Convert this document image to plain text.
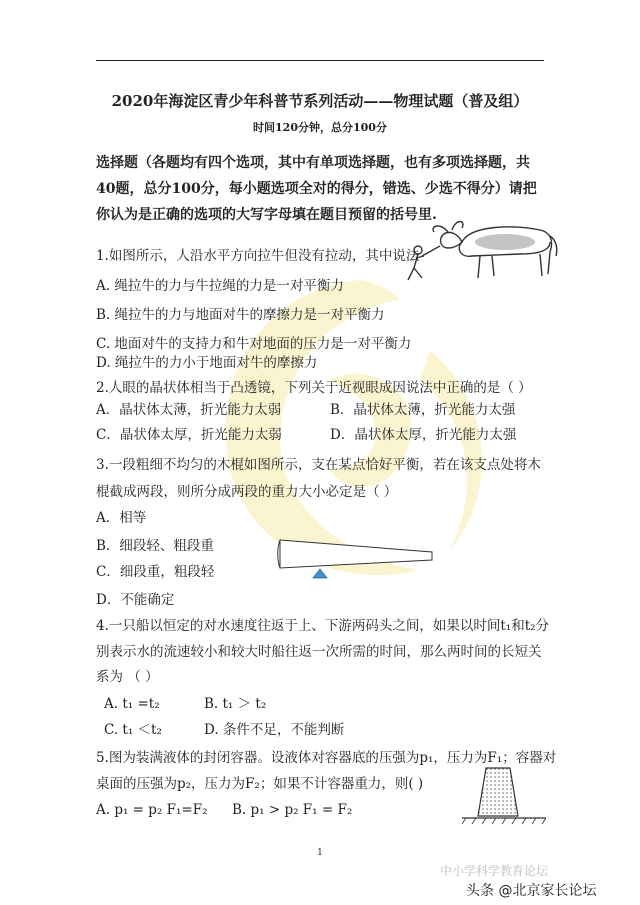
2020年海淀区青少年科普节系列活动——物理试题（普及组）
时间120分钟，总分100分
选择题（各题均有四个选项，其中有单项选择题，也有多项选择题，共40题，总分100分，每小题选项全对的得分，错选、少选不得分）请把你认为是正确的选项的大写字母填在题目预留的括号里.
1.如图所示，人沿水平方向拉牛但没有拉动，其中说法
A. 绳拉牛的力与牛拉绳的力是一对平衡力
B. 绳拉牛的力与地面对牛的摩擦力是一对平衡力
C. 地面对牛的支持力和牛对地面的压力是一对平衡力
D. 绳拉牛的力小于地面对牛的摩擦力
2.人眼的晶状体相当于凸透镜，下列关于近视眼成因说法中正确的是（ ）
A．晶状体太薄，折光能力太弱	B．晶状体太薄，折光能力太强
C．晶状体太厚，折光能力太弱	D．晶状体太厚，折光能力太强
3.一段粗细不均匀的木棍如图所示，支在某点恰好平衡，若在该支点处将木
棍截成两段，则所分成两段的重力大小必定是（ ）
A．相等
B．细段轻、粗段重
C．细段重，粗段轻
D．不能确定
4.一只船以恒定的对水速度往返于上、下游两码头之间，如果以时间t₁和t₂分
别表示水的流速较小和较大时船往返一次所需的时间，那么两时间的长短关
系为 （ ）
A. t₁ =t₂	B. t₁ ＞ t₂
C. t₁ ＜t₂	D. 条件不足，不能判断
5.图为装满液体的封闭容器。设液体对容器底的压强为p₁，压力为F₁；容器对
桌面的压强为p₂，压力为F₂；如果不计容器重力，则( )
A. p₁ = p₂ F₁=F₂ B. p₁ > p₂ F₁ = F₂
1
中小学科学教育论坛
头条 @北京家长论坛
